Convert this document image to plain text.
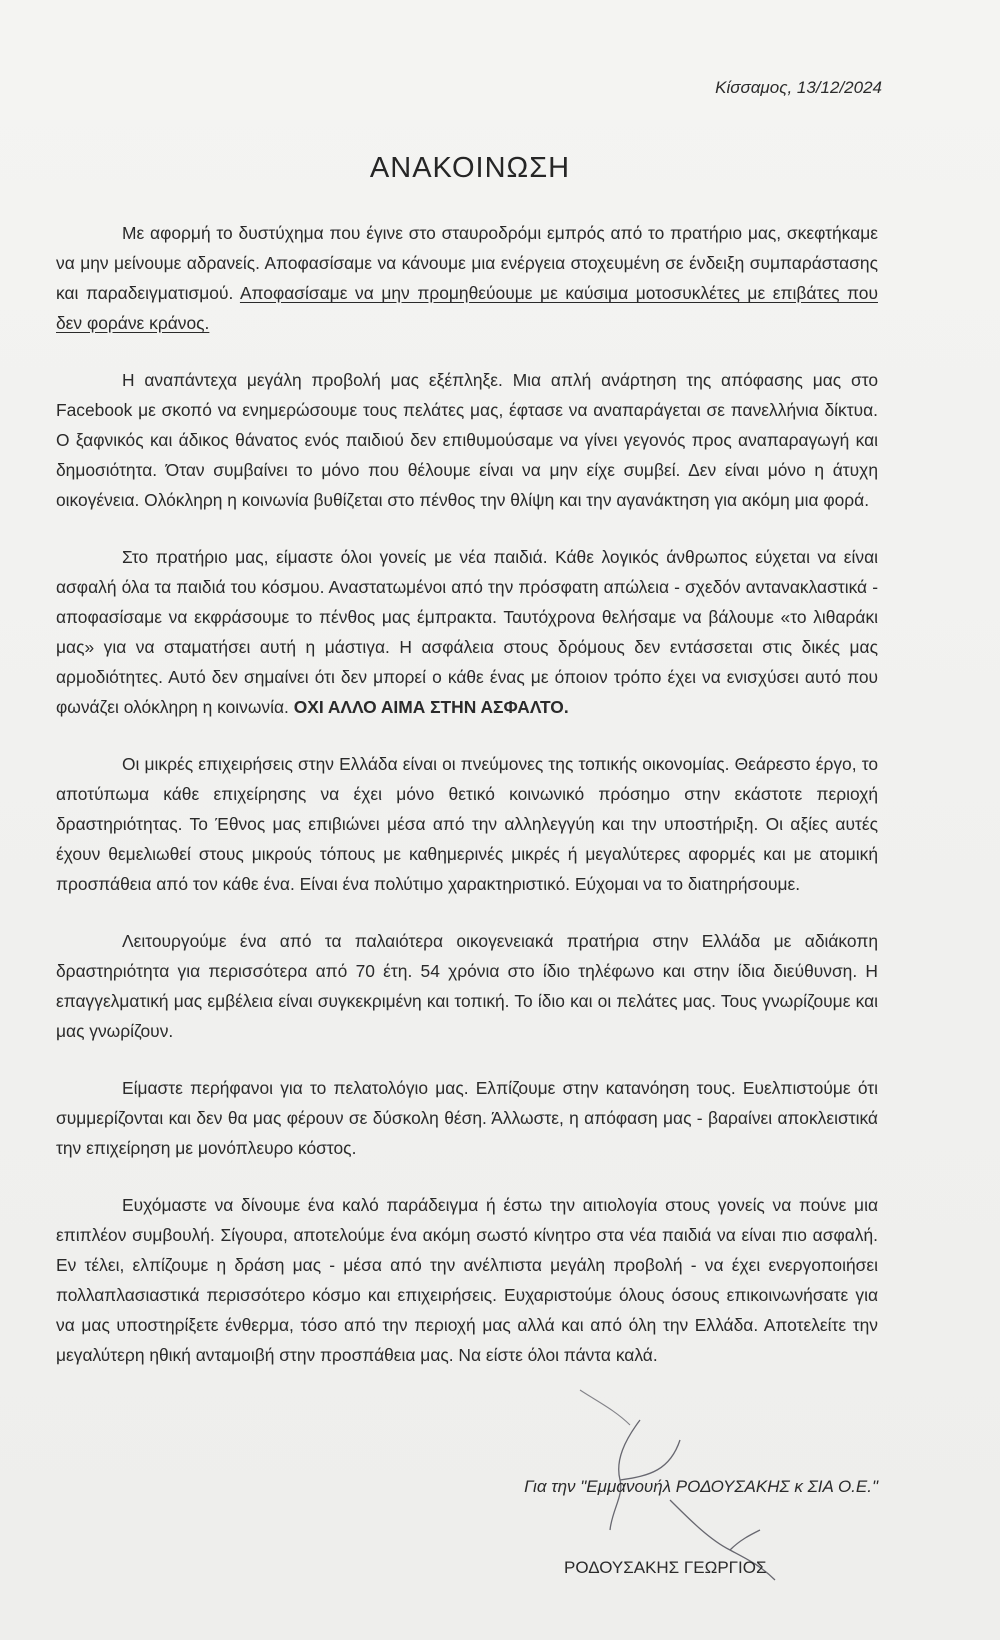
Κίσσαμος, 13/12/2024
ΑΝΑΚΟΙΝΩΣΗ

Με αφορμή το δυστύχημα που έγινε στο σταυροδρόμι εμπρός από το πρατήριο μας, σκεφτήκαμε να μην μείνουμε αδρανείς. Αποφασίσαμε να κάνουμε μια ενέργεια στοχευμένη σε ένδειξη συμπαράστασης και παραδειγματισμού. Αποφασίσαμε να μην προμηθεύουμε με καύσιμα μοτοσυκλέτες με επιβάτες που δεν φοράνε κράνος.

Η αναπάντεχα μεγάλη προβολή μας εξέπληξε. Μια απλή ανάρτηση της απόφασης μας στο Facebook με σκοπό να ενημερώσουμε τους πελάτες μας, έφτασε να αναπαράγεται σε πανελλήνια δίκτυα. Ο ξαφνικός και άδικος θάνατος ενός παιδιού δεν επιθυμούσαμε να γίνει γεγονός προς αναπαραγωγή και δημοσιότητα. Όταν συμβαίνει το μόνο που θέλουμε είναι να μην είχε συμβεί. Δεν είναι μόνο η άτυχη οικογένεια. Ολόκληρη η κοινωνία βυθίζεται στο πένθος την θλίψη και την αγανάκτηση για ακόμη μια φορά.

Στο πρατήριο μας, είμαστε όλοι γονείς με νέα παιδιά. Κάθε λογικός άνθρωπος εύχεται να είναι ασφαλή όλα τα παιδιά του κόσμου. Αναστατωμένοι από την πρόσφατη απώλεια - σχεδόν αντανακλαστικά - αποφασίσαμε να εκφράσουμε το πένθος μας έμπρακτα. Ταυτόχρονα θελήσαμε να βάλουμε «το λιθαράκι μας» για να σταματήσει αυτή η μάστιγα. Η ασφάλεια στους δρόμους δεν εντάσσεται στις δικές μας αρμοδιότητες. Αυτό δεν σημαίνει ότι δεν μπορεί ο κάθε ένας με όποιον τρόπο έχει να ενισχύσει αυτό που φωνάζει ολόκληρη η κοινωνία. ΟΧΙ ΑΛΛΟ ΑΙΜΑ ΣΤΗΝ ΑΣΦΑΛΤΟ.

Οι μικρές επιχειρήσεις στην Ελλάδα είναι οι πνεύμονες της τοπικής οικονομίας. Θεάρεστο έργο, το αποτύπωμα κάθε επιχείρησης να έχει μόνο θετικό κοινωνικό πρόσημο στην εκάστοτε περιοχή δραστηριότητας. Το Έθνος μας επιβιώνει μέσα από την αλληλεγγύη και την υποστήριξη. Οι αξίες αυτές έχουν θεμελιωθεί στους μικρούς τόπους με καθημερινές μικρές ή μεγαλύτερες αφορμές και με ατομική προσπάθεια από τον κάθε ένα. Είναι ένα πολύτιμο χαρακτηριστικό. Εύχομαι να το διατηρήσουμε.

Λειτουργούμε ένα από τα παλαιότερα οικογενειακά πρατήρια στην Ελλάδα με αδιάκοπη δραστηριότητα για περισσότερα από 70 έτη. 54 χρόνια στο ίδιο τηλέφωνο και στην ίδια διεύθυνση. Η επαγγελματική μας εμβέλεια είναι συγκεκριμένη και τοπική. Το ίδιο και οι πελάτες μας. Τους γνωρίζουμε και μας γνωρίζουν.

Είμαστε περήφανοι για το πελατολόγιο μας. Ελπίζουμε στην κατανόηση τους. Ευελπιστούμε ότι συμμερίζονται και δεν θα μας φέρουν σε δύσκολη θέση. Άλλωστε, η απόφαση μας - βαραίνει αποκλειστικά την επιχείρηση με μονόπλευρο κόστος.

Ευχόμαστε να δίνουμε ένα καλό παράδειγμα ή έστω την αιτιολογία στους γονείς να πούνε μια επιπλέον συμβουλή. Σίγουρα, αποτελούμε ένα ακόμη σωστό κίνητρο στα νέα παιδιά να είναι πιο ασφαλή. Εν τέλει, ελπίζουμε η δράση μας - μέσα από την ανέλπιστα μεγάλη προβολή - να έχει ενεργοποιήσει πολλαπλασιαστικά περισσότερο κόσμο και επιχειρήσεις. Ευχαριστούμε όλους όσους επικοινωνήσατε για να μας υποστηρίξετε ένθερμα, τόσο από την περιοχή μας αλλά και από όλη την Ελλάδα. Αποτελείτε την μεγαλύτερη ηθική ανταμοιβή στην προσπάθεια μας. Να είστε όλοι πάντα καλά.

Για την "Εμμανουήλ ΡΟΔΟΥΣΑΚΗΣ κ ΣΙΑ Ο.Ε."
ΡΟΔΟΥΣΑΚΗΣ ΓΕΩΡΓΙΟΣ
